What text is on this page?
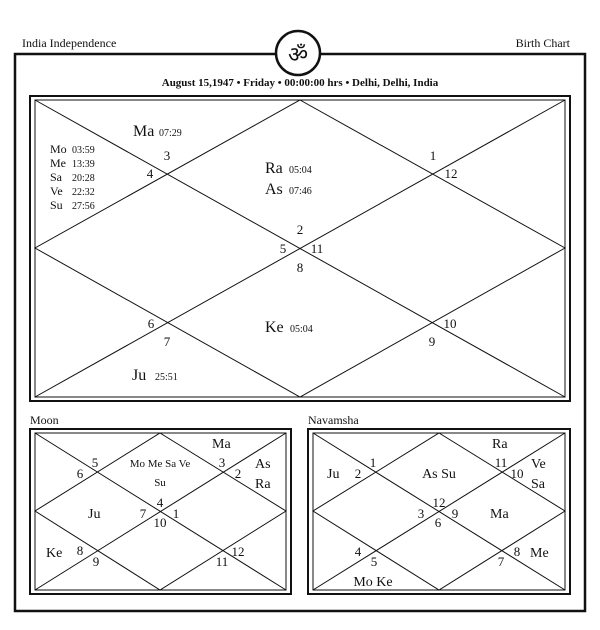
India Independence	Birth Chart
ॐ
August 15,1947 • Friday • 00:00:00 hrs • Delhi, Delhi, India
2
1
12
3
4
5 11
8
6
7	9
10
Ma 07:29
Ra 05:04
As 07:46
Ke 05:04
Ju 25:51
Mo 03:59
Me 13:39
Sa 20:28
Ve 22:32
Su 27:56
Moon
4
5
6
3
2
7
10
1
8
9	11
12
Mo Me Sa Ve
Su
Ma
As
Ra
Ju
Ke
Navamsha
1
2
11
10
12
3 9
6
4
5	7
8
Ju	As Su
Ra
Ve
Sa
Ma
Me
Mo Ke
